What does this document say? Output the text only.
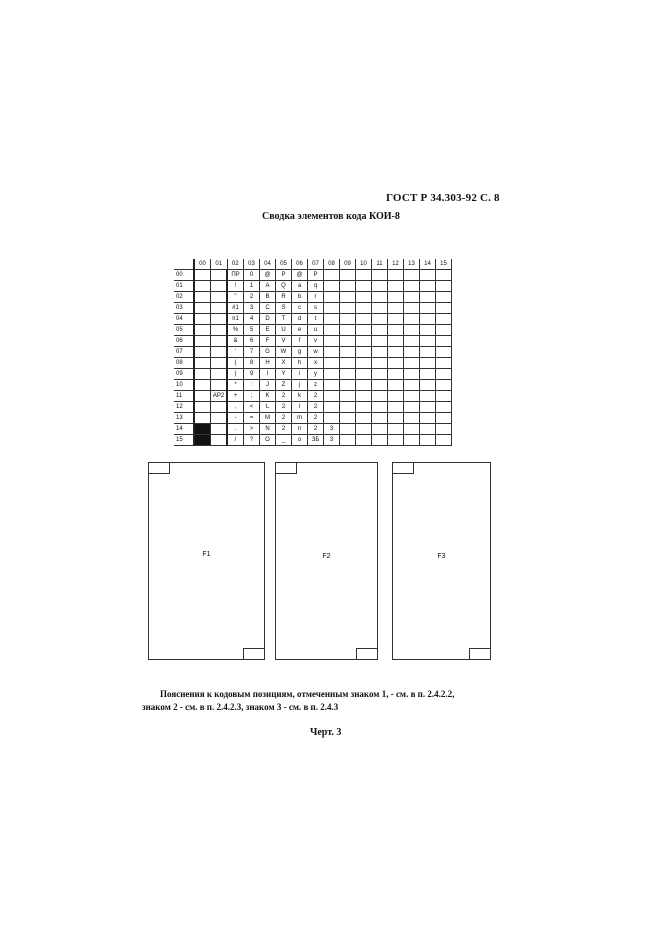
ГОСТ Р 34.303-92 С. 8
Сводка элементов кода КОИ-8
	00	01	02	03	04	05	06	07	08	09	10	11	12	13	14	15
00			ПР	0	@	P	@	P								
01			!	1	A	Q	a	q								
02			"	2	B	R	b	r								
03			#1	3	C	S	c	s								
04			¤1	4	D	T	d	t								
05			%	5	E	U	e	u								
06			&	6	F	V	f	v								
07			'	7	G	W	g	w								
08			(	8	H	X	h	x								
09			)	9	I	Y	i	y								
10			*	:	J	Z	j	z								
11		АР2	+	;	K	2	k	2								
12			,	<	L	2	l	2								
13			-	=	M	2	m	2								
14			.	>	N	2	n	2	3							
15			/	?	O	_	o	ЗБ	3							
F1	F2	F3
Пояснения к кодовым позициям, отмеченным знаком 1, - см. в п. 2.4.2.2,
знаком 2 - см. в п. 2.4.2.3, знаком 3 - см. в п. 2.4.3
Черт. 3
